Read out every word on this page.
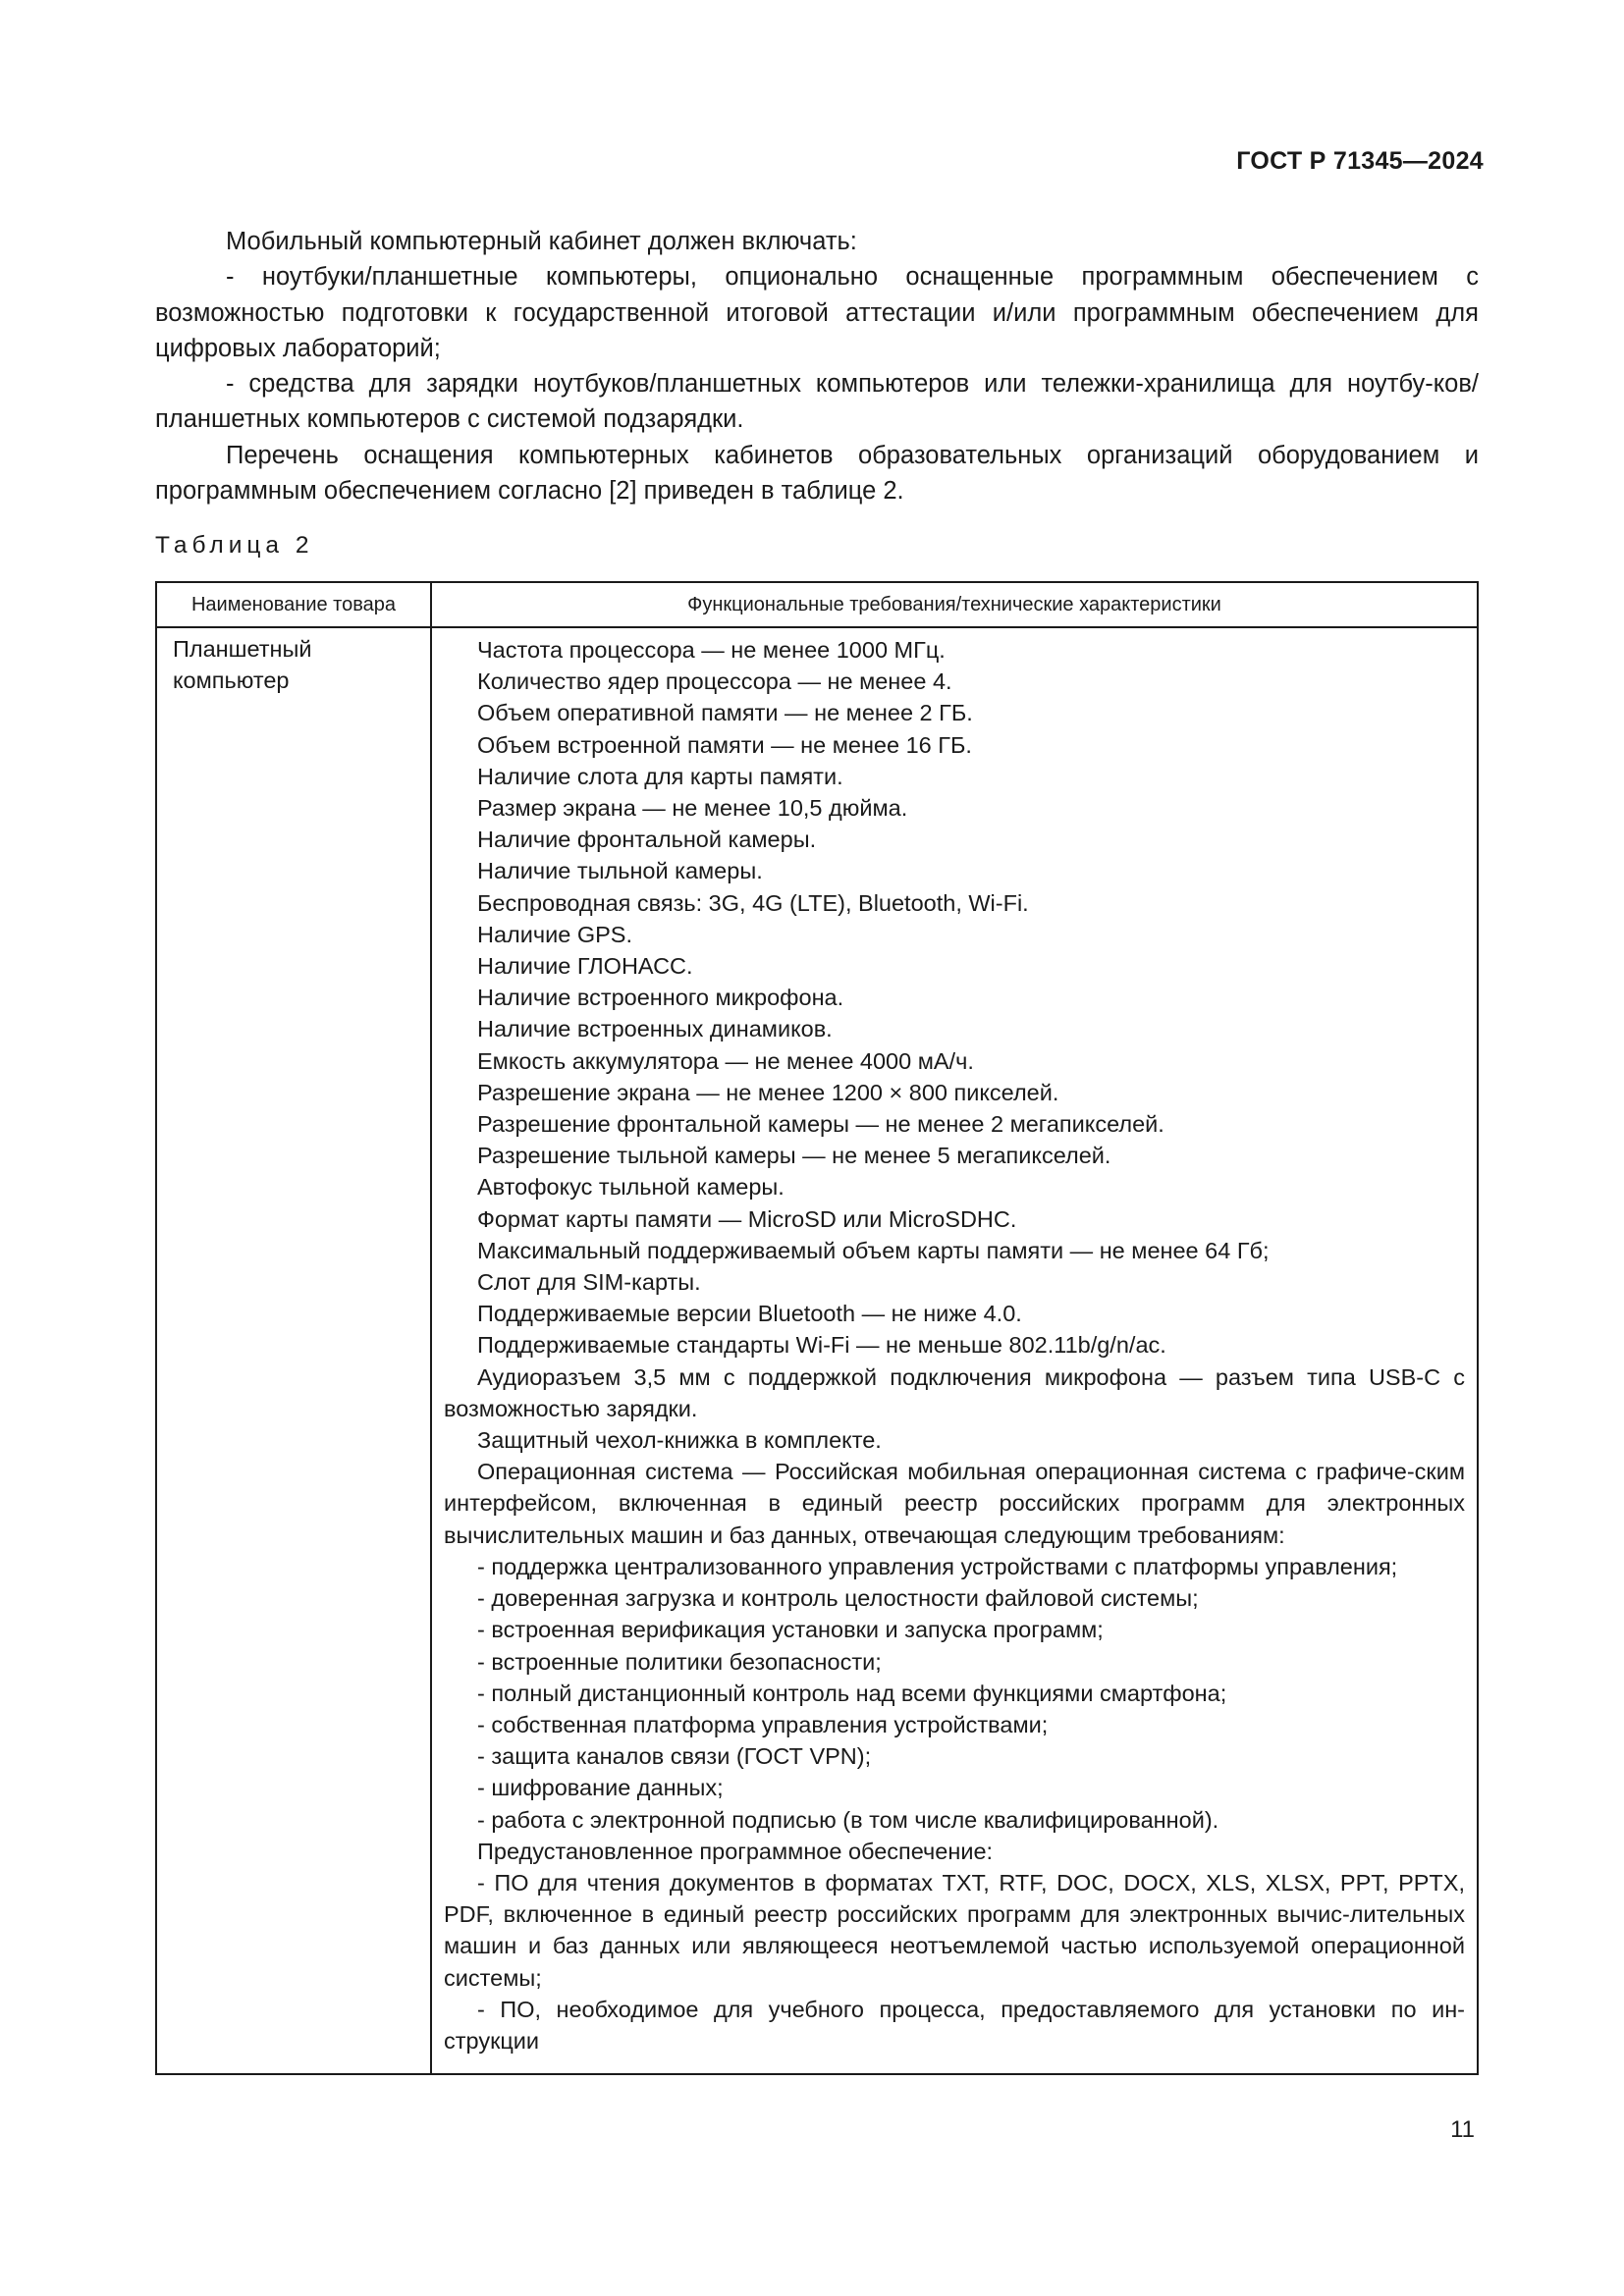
ГОСТ Р 71345—2024

Мобильный компьютерный кабинет должен включать:

- ноутбуки/планшетные компьютеры, опционально оснащенные программным обеспечением с возможностью подготовки к государственной итоговой аттестации и/или программным обеспечением для цифровых лабораторий;

- средства для зарядки ноутбуков/планшетных компьютеров или тележки-хранилища для ноутбу-ков/планшетных компьютеров с системой подзарядки.

Перечень оснащения компьютерных кабинетов образовательных организаций оборудованием и программным обеспечением согласно [2] приведен в таблице 2.

Таблица 2
Наименование товара	Функциональные требования/технические характеристики
Планшетный компьютер

Частота процессора — не менее 1000 МГц.

Количество ядер процессора — не менее 4.

Объем оперативной памяти — не менее 2 ГБ.

Объем встроенной памяти — не менее 16 ГБ.

Наличие слота для карты памяти.

Размер экрана — не менее 10,5 дюйма.

Наличие фронтальной камеры.

Наличие тыльной камеры.

Беспроводная связь: 3G, 4G (LTE), Bluetooth, Wi-Fi.

Наличие GPS.

Наличие ГЛОНАСС.

Наличие встроенного микрофона.

Наличие встроенных динамиков.

Емкость аккумулятора — не менее 4000 мА/ч.

Разрешение экрана — не менее 1200 × 800 пикселей.

Разрешение фронтальной камеры — не менее 2 мегапикселей.

Разрешение тыльной камеры — не менее 5 мегапикселей.

Автофокус тыльной камеры.

Формат карты памяти — MicroSD или MicroSDHC.

Максимальный поддерживаемый объем карты памяти — не менее 64 Гб;

Слот для SIM-карты.

Поддерживаемые версии Bluetooth — не ниже 4.0.

Поддерживаемые стандарты Wi-Fi — не меньше 802.11b/g/n/ac.

Аудиоразъем 3,5 мм с поддержкой подключения микрофона — разъем типа USB-C с возможностью зарядки.

Защитный чехол-книжка в комплекте.

Операционная система — Российская мобильная операционная система с графиче-ским интерфейсом, включенная в единый реестр российских программ для электронных вычислительных машин и баз данных, отвечающая следующим требованиям:

- поддержка централизованного управления устройствами с платформы управления;

- доверенная загрузка и контроль целостности файловой системы;

- встроенная верификация установки и запуска программ;

- встроенные политики безопасности;

- полный дистанционный контроль над всеми функциями смартфона;

- собственная платформа управления устройствами;

- защита каналов связи (ГОСТ VPN);

- шифрование данных;

- работа с электронной подписью (в том числе квалифицированной).

Предустановленное программное обеспечение:

- ПО для чтения документов в форматах TXT, RTF, DOC, DOCX, XLS, XLSX, PPT, PPTX, PDF, включенное в единый реестр российских программ для электронных вычис-лительных машин и баз данных или являющееся неотъемлемой частью используемой операционной системы;

- ПО, необходимое для учебного процесса, предоставляемого для установки по ин-струкции

11
